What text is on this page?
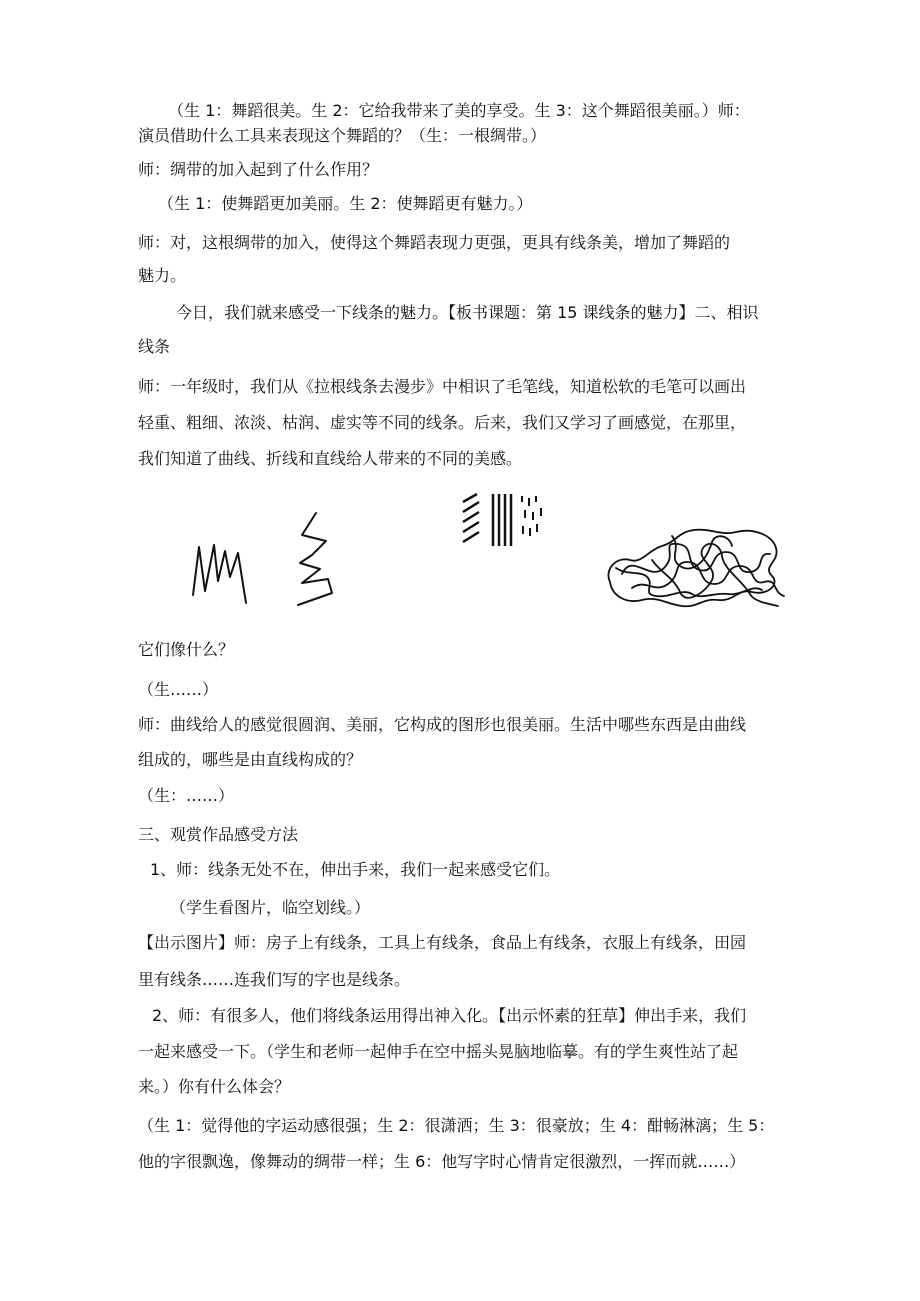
（生 1：舞蹈很美。生 2：它给我带来了美的享受。生 3：这个舞蹈很美丽。）师：
演员借助什么工具来表现这个舞蹈的？（生：一根绸带。）
师：绸带的加入起到了什么作用？
（生 1：使舞蹈更加美丽。生 2：使舞蹈更有魅力。）
师：对，这根绸带的加入，使得这个舞蹈表现力更强，更具有线条美，增加了舞蹈的
魅力。
今日，我们就来感受一下线条的魅力。【板书课题：第 15 课线条的魅力】二、相识
线条
师：一年级时，我们从《拉根线条去漫步》中相识了毛笔线，知道松软的毛笔可以画出
轻重、粗细、浓淡、枯润、虚实等不同的线条。后来，我们又学习了画感觉，在那里，
我们知道了曲线、折线和直线给人带来的不同的美感。
它们像什么？
（生……）
师：曲线给人的感觉很圆润、美丽，它构成的图形也很美丽。生活中哪些东西是由曲线
组成的，哪些是由直线构成的？
（生：……）
三、观赏作品感受方法
1、师：线条无处不在，伸出手来，我们一起来感受它们。
（学生看图片，临空划线。）
【出示图片】师：房子上有线条，工具上有线条，食品上有线条，衣服上有线条，田园
里有线条……连我们写的字也是线条。
2、师：有很多人，他们将线条运用得出神入化。【出示怀素的狂草】伸出手来，我们
一起来感受一下。（学生和老师一起伸手在空中摇头晃脑地临摹。有的学生爽性站了起
来。）你有什么体会？
（生 1：觉得他的字运动感很强；生 2：很潇洒；生 3：很豪放；生 4：酣畅淋漓；生 5：
他的字很飘逸，像舞动的绸带一样；生 6：他写字时心情肯定很激烈，一挥而就……）
